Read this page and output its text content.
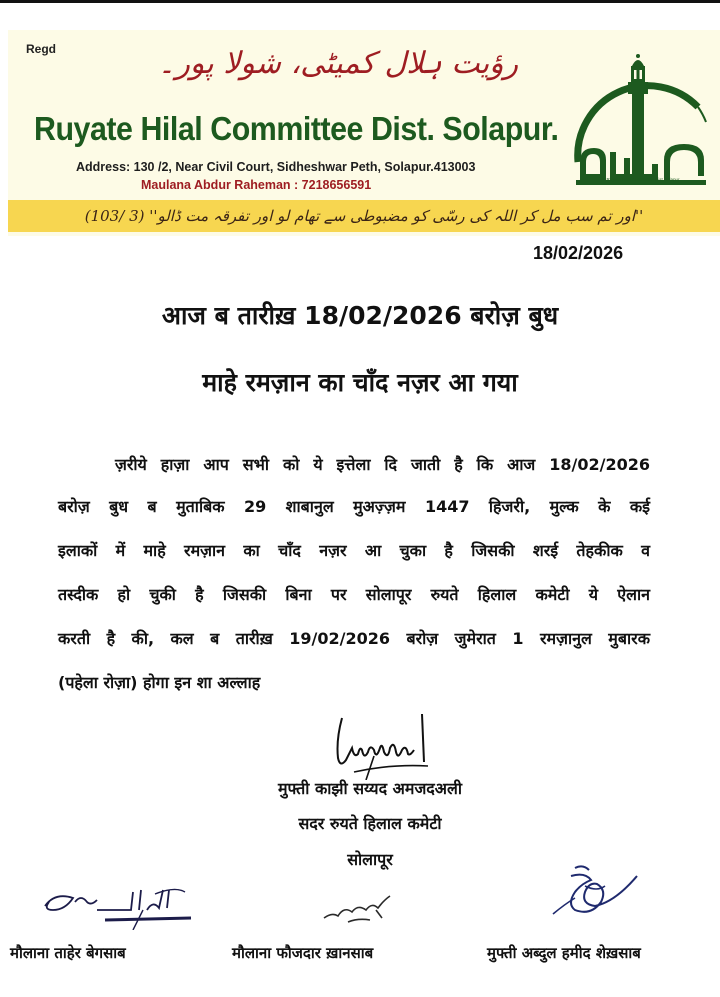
Regd	رؤیت ہلال کمیٹی، شولا پور۔
Ruyate Hilal Committee Dist. Solapur.
Address: 130 /2, Near Civil Court, Sidheshwar Peth, Solapur.413003
Maulana Abdur Raheman : 7218656591	Ruyate Hilal Committee Dist Solapur
''اور تم سب مل کر اللہ کی رسّی کو مضبوطی سے تھام لو اور تفرقہ مت ڈالو'' (3 /103)
18/02/2026
आज ब तारीख़ 18/02/2026 बरोज़ बुध
माहे रमज़ान का चाँद नज़र आ गया
ज़रीये हाज़ा आप सभी को ये इत्तेला दि जाती है कि आज 18/02/2026
बरोज़ बुध ब मुताबिक 29 शाबानुल मुअज़्ज़म 1447 हिजरी, मुल्क के कई
इलाकों में माहे रमज़ान का चाँद नज़र आ चुका है जिसकी शरई तेहकीक व
तस्दीक हो चुकी है जिसकी बिना पर सोलापूर रुयते हिलाल कमेटी ये ऐलान
करती है की, कल ब तारीख़ 19/02/2026 बरोज़ जुमेरात 1 रमज़ानुल मुबारक
(पहेला रोज़ा) होगा इन शा अल्लाह
मुफ्ती काझी सय्यद अमजदअली
सदर रुयते हिलाल कमेटी
सोलापूर
मौलाना ताहेर बेगसाब	मौलाना फौजदार ख़ानसाब	मुफ्ती अब्दुल हमीद शेख़साब
